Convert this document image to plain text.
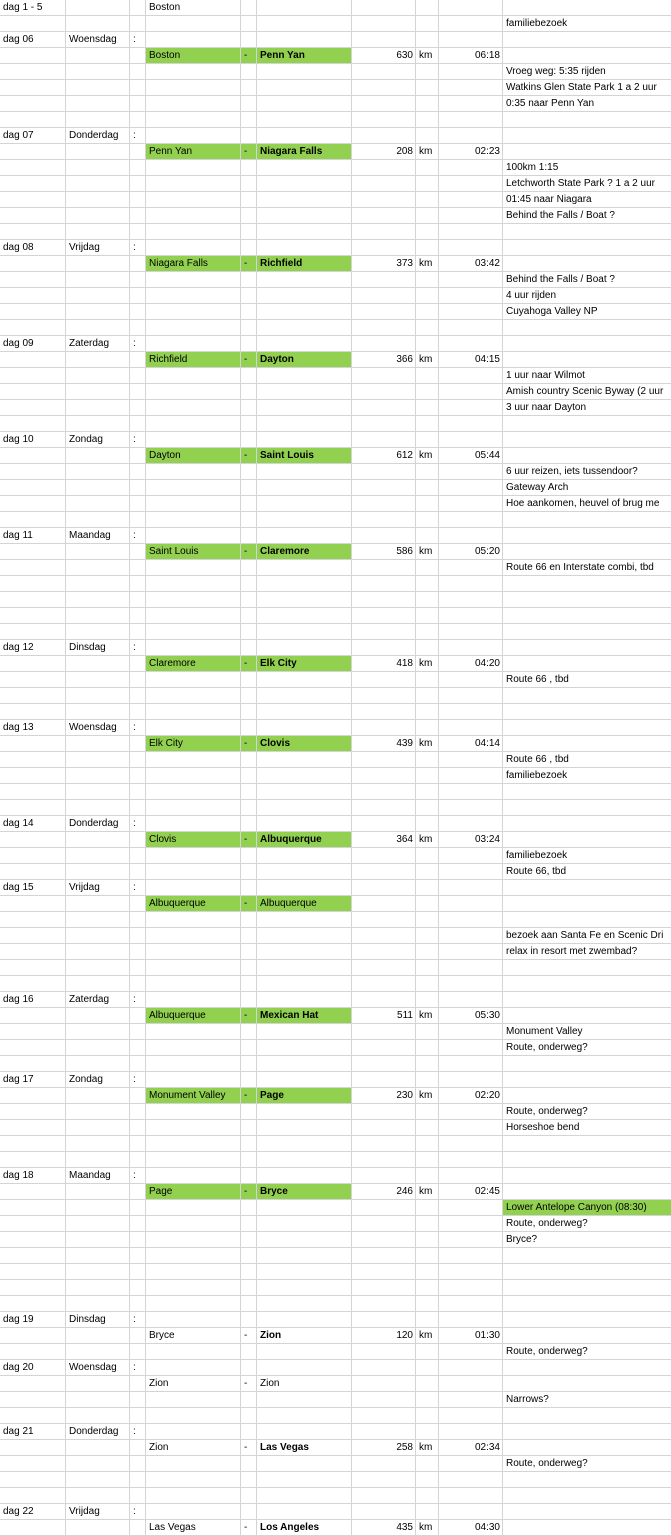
dag 1 - 5	Boston
familiebezoek
dag 06	Woensdag	:
Boston	-	Penn Yan	630 km	06:18
Vroeg weg: 5:35 rijden
Watkins Glen State Park 1 a 2 uur
0:35 naar Penn Yan
dag 07	Donderdag	:
Penn Yan	-	Niagara Falls	208 km	02:23
100km 1:15
Letchworth State Park ? 1 a 2 uur
01:45 naar Niagara
Behind the Falls / Boat ?
dag 08	Vrijdag	:
Niagara Falls	-	Richfield	373 km	03:42
Behind the Falls / Boat ?
4 uur rijden
Cuyahoga Valley NP
dag 09	Zaterdag	:
Richfield	-	Dayton	366 km	04:15
1 uur naar Wilmot
Amish country Scenic Byway (2 uur
3 uur naar Dayton
dag 10	Zondag	:
Dayton	-	Saint Louis	612 km	05:44
6 uur reizen, iets tussendoor?
Gateway Arch
Hoe aankomen, heuvel of brug me
dag 11	Maandag	:
Saint Louis	-	Claremore	586 km	05:20
Route 66 en Interstate combi, tbd
dag 12	Dinsdag	:
Claremore	-	Elk City	418 km	04:20
Route 66 , tbd
dag 13	Woensdag	:
Elk City	-	Clovis	439 km	04:14
Route 66 , tbd
familiebezoek
dag 14	Donderdag	:
Clovis	-	Albuquerque	364 km	03:24
familiebezoek
Route 66, tbd
dag 15	Vrijdag	:
Albuquerque	-	Albuquerque
bezoek aan Santa Fe en Scenic Dri
relax in resort met zwembad?
dag 16	Zaterdag	:
Albuquerque	-	Mexican Hat	511 km	05:30
Monument Valley
Route, onderweg?
dag 17	Zondag	:
Monument Valley	-	Page	230 km	02:20
Route, onderweg?
Horseshoe bend
dag 18	Maandag	:
Page	-	Bryce	246 km	02:45
Lower Antelope Canyon (08:30)
Route, onderweg?
Bryce?
dag 19	Dinsdag	:
Bryce	-	Zion	120 km	01:30
Route, onderweg?
dag 20	Woensdag	:
Zion	-	Zion
Narrows?
dag 21	Donderdag	:
Zion	-	Las Vegas	258 km	02:34
Route, onderweg?
dag 22	Vrijdag	:
Las Vegas	-	Los Angeles	435 km	04:30
